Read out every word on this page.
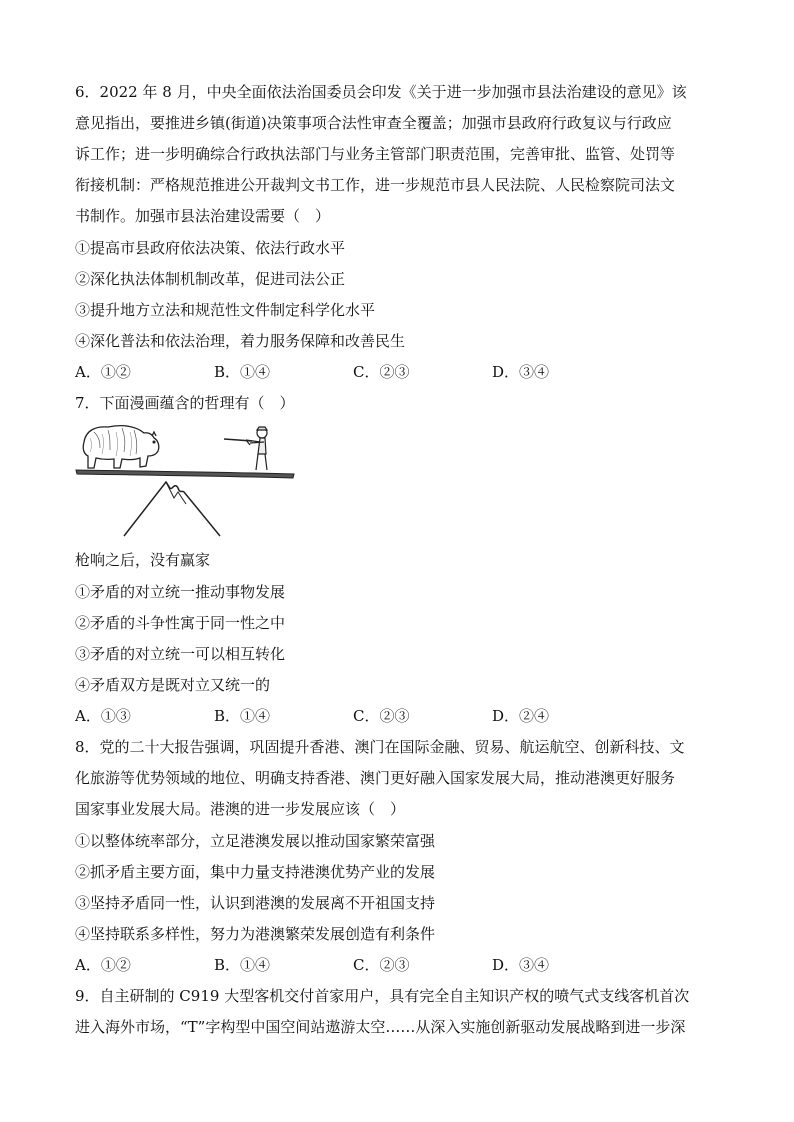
6．2022 年 8 月，中央全面依法治国委员会印发《关于进一步加强市县法治建设的意见》该
意见指出，要推进乡镇(街道)决策事项合法性审查全覆盖；加强市县政府行政复议与行政应
诉工作；进一步明确综合行政执法部门与业务主管部门职责范围，完善审批、监管、处罚等
衔接机制：严格规范推进公开裁判文书工作，进一步规范市县人民法院、人民检察院司法文
书制作。加强市县法治建设需要（　）
①提高市县政府依法决策、依法行政水平
②深化执法体制机制改革，促进司法公正
③提升地方立法和规范性文件制定科学化水平
④深化普法和依法治理，着力服务保障和改善民生
A．①②	B．①④	C．②③	D．③④
7．下面漫画蕴含的哲理有（　）
枪响之后，没有赢家
①矛盾的对立统一推动事物发展
②矛盾的斗争性寓于同一性之中
③矛盾的对立统一可以相互转化
④矛盾双方是既对立又统一的
A．①③	B．①④	C．②③	D．②④
8．党的二十大报告强调，巩固提升香港、澳门在国际金融、贸易、航运航空、创新科技、文
化旅游等优势领域的地位、明确支持香港、澳门更好融入国家发展大局，推动港澳更好服务
国家事业发展大局。港澳的进一步发展应该（　）
①以整体统率部分，立足港澳发展以推动国家繁荣富强
②抓矛盾主要方面，集中力量支持港澳优势产业的发展
③坚持矛盾同一性，认识到港澳的发展离不开祖国支持
④坚持联系多样性，努力为港澳繁荣发展创造有利条件
A．①②	B．①④	C．②③	D．③④
9．自主研制的 C919 大型客机交付首家用户，具有完全自主知识产权的喷气式支线客机首次
进入海外市场，“T”字构型中国空间站遨游太空……从深入实施创新驱动发展战略到进一步深
